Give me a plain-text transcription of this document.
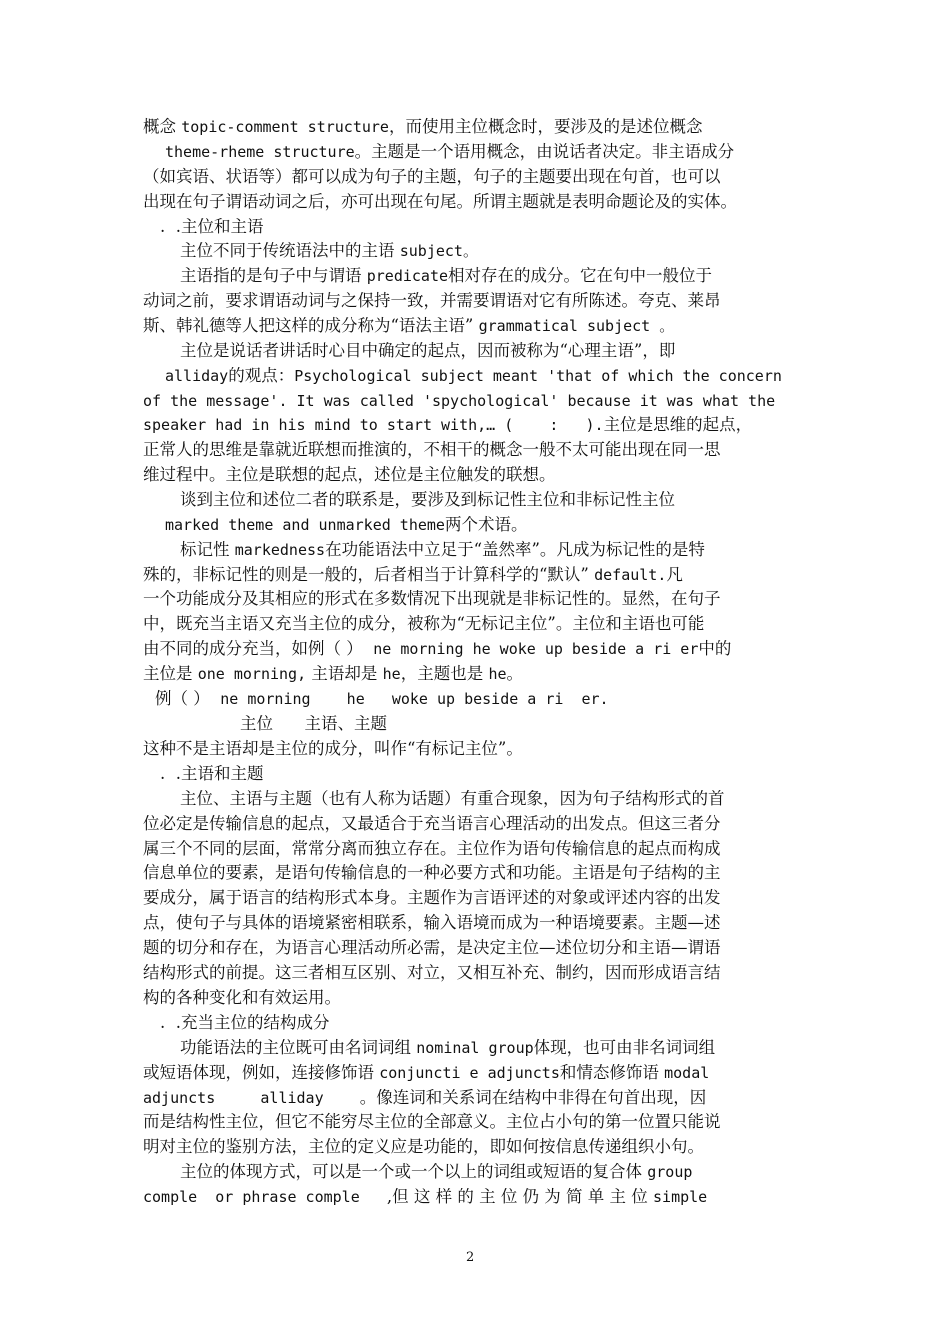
2
概念 topic-comment structure，而使用主位概念时，要涉及的是述位概念
theme-rheme structure。主题是一个语用概念，由说话者决定。非主语成分
（如宾语、状语等）都可以成为句子的主题，句子的主题要出现在句首，也可以
出现在句子谓语动词之后，亦可出现在句尾。所谓主题就是表明命题论及的实体。
.  .主位和主语
主位不同于传统语法中的主语 subject。
主语指的是句子中与谓语 predicate相对存在的成分。它在句中一般位于
动词之前，要求谓语动词与之保持一致，并需要谓语对它有所陈述。夸克、莱昂
斯、韩礼德等人把这样的成分称为“语法主语” grammatical subject 。
主位是说话者讲话时心目中确定的起点，因而被称为“心理主语”，即
alliday的观点：Psychological subject meant 'that of which the concern
of the message'. It was called 'spychological' because it was what the
speaker had in his mind to start with,… (    :   ).主位是思维的起点，
正常人的思维是靠就近联想而推演的，不相干的概念一般不太可能出现在同一思
维过程中。主位是联想的起点，述位是主位触发的联想。
谈到主位和述位二者的联系是，要涉及到标记性主位和非标记性主位
marked theme and unmarked theme两个术语。
标记性 markedness在功能语法中立足于“盖然率”。凡成为标记性的是特
殊的，非标记性的则是一般的，后者相当于计算科学的“默认” default.凡
一个功能成分及其相应的形式在多数情况下出现就是非标记性的。显然，在句子
中，既充当主语又充当主位的成分，被称为“无标记主位”。主位和主语也可能
由不同的成分充当，如例（ ）  ne morning he woke up beside a ri er中的
主位是 one morning, 主语却是 he，主题也是 he。
例（ ）  ne morning    he   woke up beside a ri  er.
主位      主语、主题
这种不是主语却是主位的成分，叫作“有标记主位”。
.  .主语和主题
主位、主语与主题（也有人称为话题）有重合现象，因为句子结构形式的首
位必定是传输信息的起点，又最适合于充当语言心理活动的出发点。但这三者分
属三个不同的层面，常常分离而独立存在。主位作为语句传输信息的起点而构成
信息单位的要素，是语句传输信息的一种必要方式和功能。主语是句子结构的主
要成分，属于语言的结构形式本身。主题作为言语评述的对象或评述内容的出发
点，使句子与具体的语境紧密相联系，输入语境而成为一种语境要素。主题—述
题的切分和存在，为语言心理活动所必需，是决定主位—述位切分和主语—谓语
结构形式的前提。这三者相互区别、对立，又相互补充、制约，因而形成语言结
构的各种变化和有效运用。
.  .充当主位的结构成分
功能语法的主位既可由名词词组 nominal group体现，也可由非名词词组
或短语体现，例如，连接修饰语 conjuncti e adjuncts和情态修饰语 modal
adjuncts     alliday    。像连词和关系词在结构中非得在句首出现，因
而是结构性主位，但它不能穷尽主位的全部意义。主位占小句的第一位置只能说
明对主位的鉴别方法，主位的定义应是功能的，即如何按信息传递组织小句。
主位的体现方式，可以是一个或一个以上的词组或短语的复合体 group
comple  or phrase comple   ,但 这 样 的 主 位 仍 为 简 单 主 位 simple
